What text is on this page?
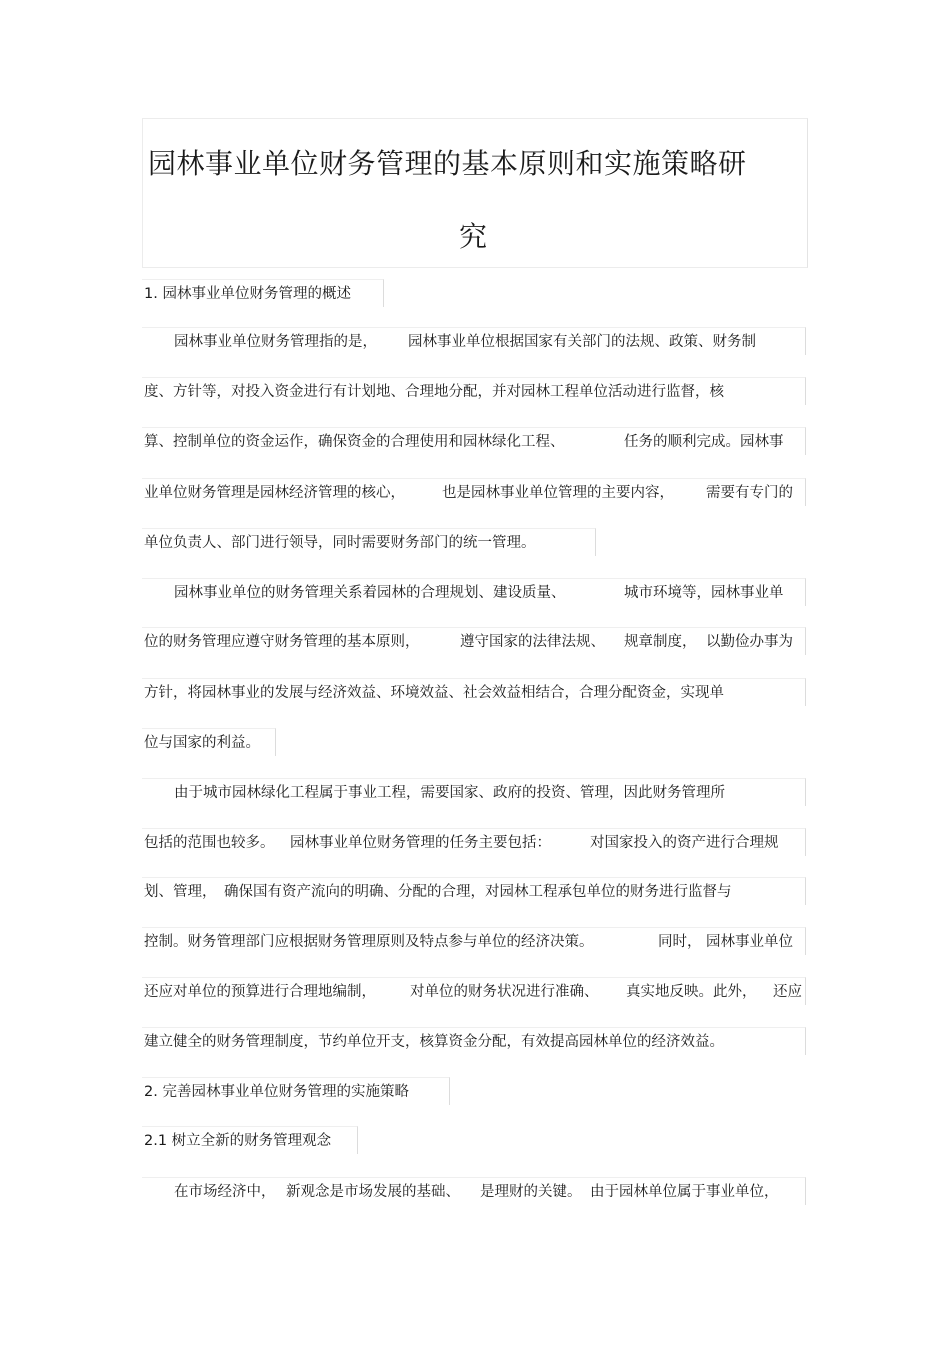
园林事业单位财务管理的基本原则和实施策略研
究
1. 园林事业单位财务管理的概述
园林事业单位财务管理指的是， 园林事业单位根据国家有关部门的法规、政策、财务制
度、方针等，对投入资金进行有计划地、合理地分配，并对园林工程单位活动进行监督，核
算、控制单位的资金运作，确保资金的合理使用和园林绿化工程、	任务的顺利完成。园林事
业单位财务管理是园林经济管理的核心，	也是园林事业单位管理的主要内容， 需要有专门的
单位负责人、部门进行领导，同时需要财务部门的统一管理。
园林事业单位的财务管理关系着园林的合理规划、建设质量、	城市环境等，园林事业单
位的财务管理应遵守财务管理的基本原则，	遵守国家的法律法规、 规章制度， 以勤俭办事为
方针，将园林事业的发展与经济效益、环境效益、社会效益相结合，合理分配资金，实现单
位与国家的利益。
由于城市园林绿化工程属于事业工程，需要国家、政府的投资、管理，因此财务管理所
包括的范围也较多。 园林事业单位财务管理的任务主要包括：	对国家投入的资产进行合理规
划、管理， 确保国有资产流向的明确、分配的合理，对园林工程承包单位的财务进行监督与
控制。财务管理部门应根据财务管理原则及特点参与单位的经济决策。	同时， 园林事业单位
还应对单位的预算进行合理地编制， 对单位的财务状况进行准确、 真实地反映。此外， 还应
建立健全的财务管理制度，节约单位开支，核算资金分配，有效提高园林单位的经济效益。
2. 完善园林事业单位财务管理的实施策略
2.1 树立全新的财务管理观念
在市场经济中， 新观念是市场发展的基础、 是理财的关键。 由于园林单位属于事业单位，
